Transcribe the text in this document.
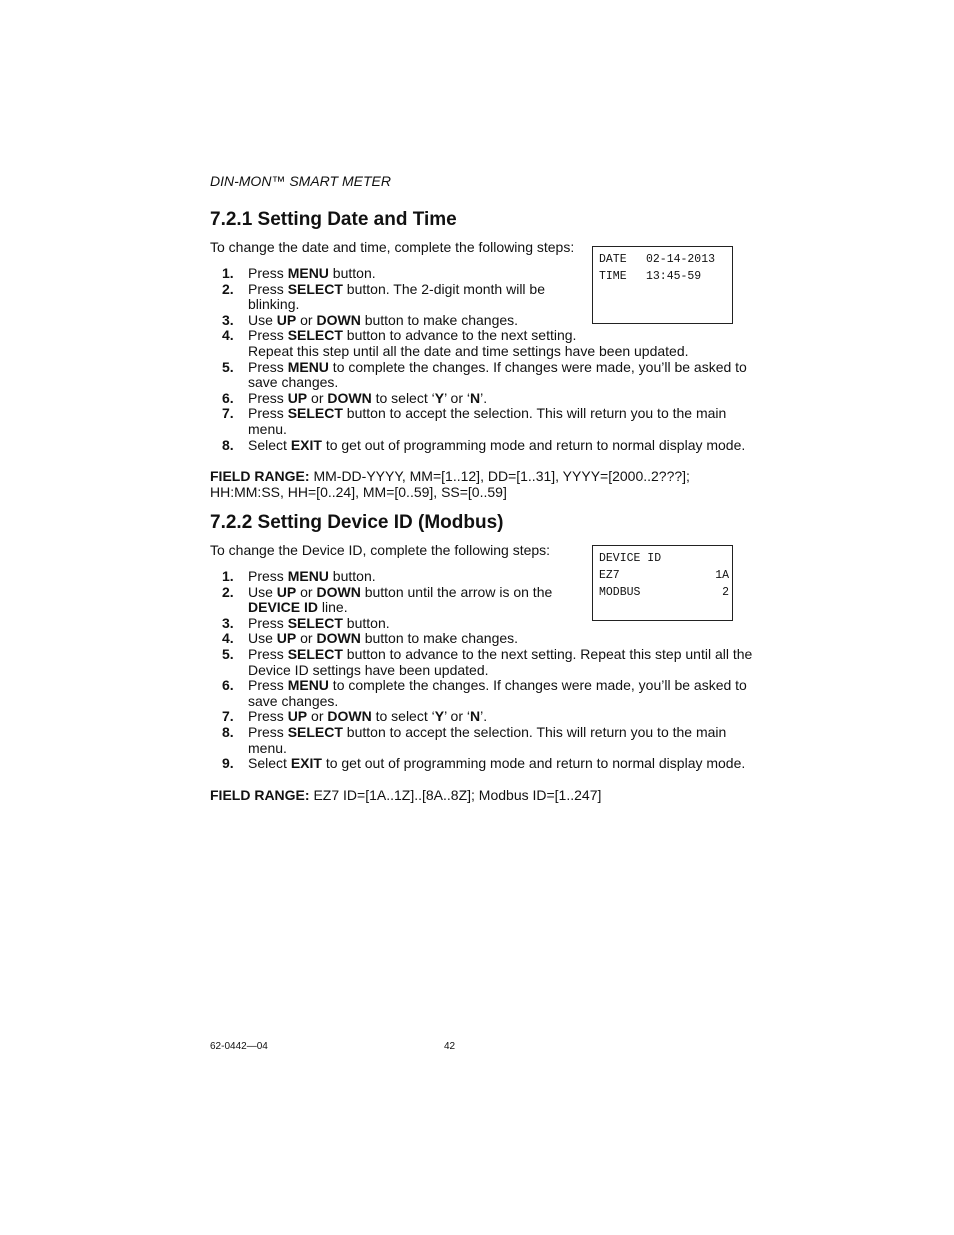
DIN-MON™ SMART METER
7.2.1 Setting Date and Time

To change the date and time, complete the following steps:

1. Press MENU button.
2. Press SELECT button. The 2-digit month will be blinking.
3. Use UP or DOWN button to make changes.
4. Press SELECT button to advance to the next setting.
Repeat this step until all the date and time settings have been updated.
5. Press MENU to complete the changes. If changes were made, you’ll be asked to save changes.
6. Press UP or DOWN to select ‘Y’ or ‘N’.
7. Press SELECT button to accept the selection. This will return you to the main menu.
8. Select EXIT to get out of programming mode and return to normal display mode.
FIELD RANGE: MM-DD-YYYY, MM=[1..12], DD=[1..31], YYYY=[2000..2???]; HH:MM:SS, HH=[0..24], MM=[0..59], SS=[0..59]
DATE	02-14-2013
TIME	13:45-59
7.2.2 Setting Device ID (Modbus)

To change the Device ID, complete the following steps:

1. Press MENU button.
2. Use UP or DOWN button until the arrow is on the DEVICE ID line.
3. Press SELECT button.
4. Use UP or DOWN button to make changes.
5. Press SELECT button to advance to the next setting. Repeat this step until all the Device ID settings have been updated.
6. Press MENU to complete the changes. If changes were made, you’ll be asked to save changes.
7. Press UP or DOWN to select ‘Y’ or ‘N’.
8. Press SELECT button to accept the selection. This will return you to the main menu.
9. Select EXIT to get out of programming mode and return to normal display mode.
FIELD RANGE: EZ7 ID=[1A..1Z]..[8A..8Z]; Modbus ID=[1..247]
DEVICE ID
EZ7	1A
MODBUS	2
62-0442—04	42
